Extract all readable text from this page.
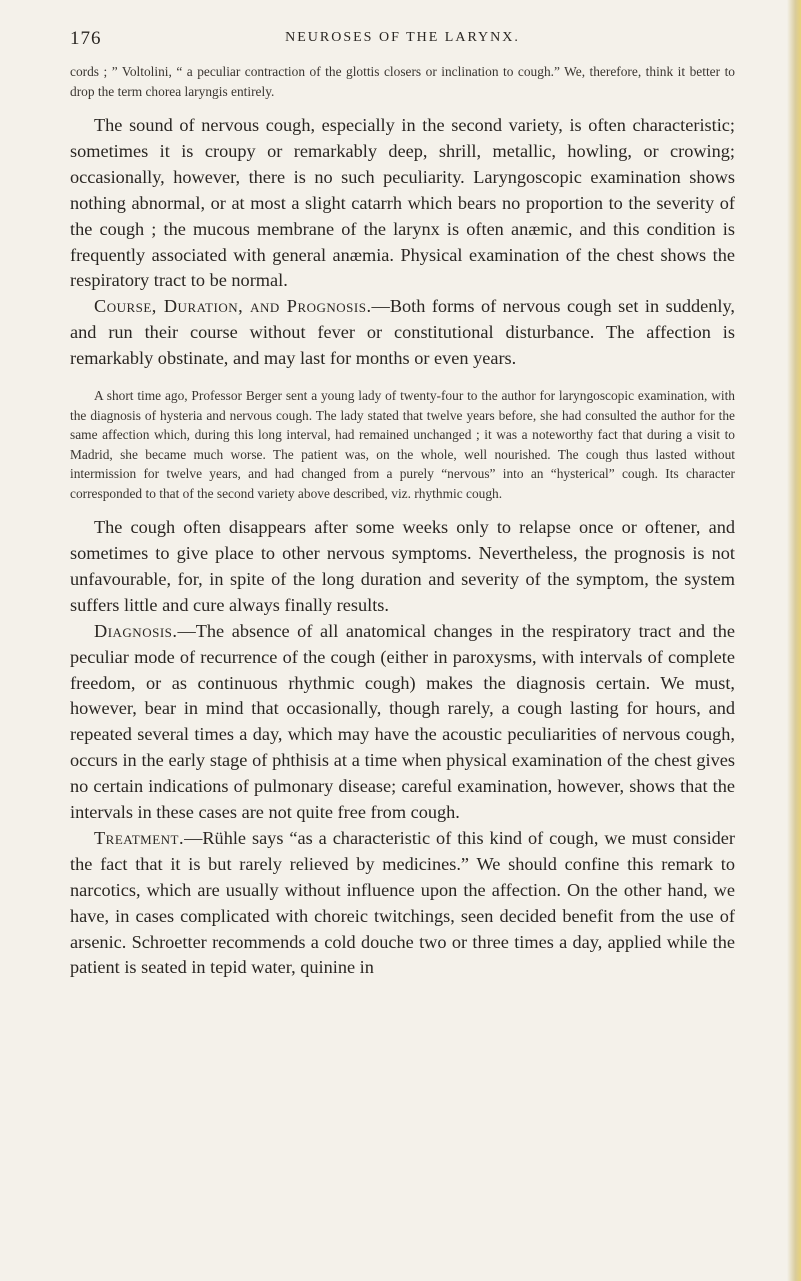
176	NEUROSES OF THE LARYNX.

cords ; ” Voltolini, “ a peculiar contraction of the glottis closers or inclination to cough.” We, therefore, think it better to drop the term chorea laryngis entirely.

The sound of nervous cough, especially in the second variety, is often characteristic; sometimes it is croupy or remarkably deep, shrill, metallic, howling, or crowing; occasionally, however, there is no such peculiarity. Laryngoscopic examination shows nothing abnormal, or at most a slight catarrh which bears no proportion to the severity of the cough ; the mucous membrane of the larynx is often anæmic, and this condition is frequently associated with general anæmia. Physical examination of the chest shows the respiratory tract to be normal.

Course, Duration, and Prognosis.—Both forms of nervous cough set in suddenly, and run their course without fever or constitutional disturbance. The affection is remarkably obstinate, and may last for months or even years.

A short time ago, Professor Berger sent a young lady of twenty-four to the author for laryngoscopic examination, with the diagnosis of hysteria and nervous cough. The lady stated that twelve years before, she had consulted the author for the same affection which, during this long interval, had remained unchanged ; it was a noteworthy fact that during a visit to Madrid, she became much worse. The patient was, on the whole, well nourished. The cough thus lasted without intermission for twelve years, and had changed from a purely “nervous” into an “hysterical” cough. Its character corresponded to that of the second variety above described, viz. rhythmic cough.

The cough often disappears after some weeks only to relapse once or oftener, and sometimes to give place to other nervous symptoms. Nevertheless, the prognosis is not unfavourable, for, in spite of the long duration and severity of the symptom, the system suffers little and cure always finally results.

Diagnosis.—The absence of all anatomical changes in the respiratory tract and the peculiar mode of recurrence of the cough (either in paroxysms, with intervals of complete freedom, or as continuous rhythmic cough) makes the diagnosis certain. We must, however, bear in mind that occasionally, though rarely, a cough lasting for hours, and repeated several times a day, which may have the acoustic peculiarities of nervous cough, occurs in the early stage of phthisis at a time when physical examination of the chest gives no certain indications of pulmonary disease; careful examination, however, shows that the intervals in these cases are not quite free from cough.

Treatment.—Rühle says “as a characteristic of this kind of cough, we must consider the fact that it is but rarely relieved by medicines.” We should confine this remark to narcotics, which are usually without influence upon the affection. On the other hand, we have, in cases complicated with choreic twitchings, seen decided benefit from the use of arsenic. Schroetter recommends a cold douche two or three times a day, applied while the patient is seated in tepid water, quinine in
